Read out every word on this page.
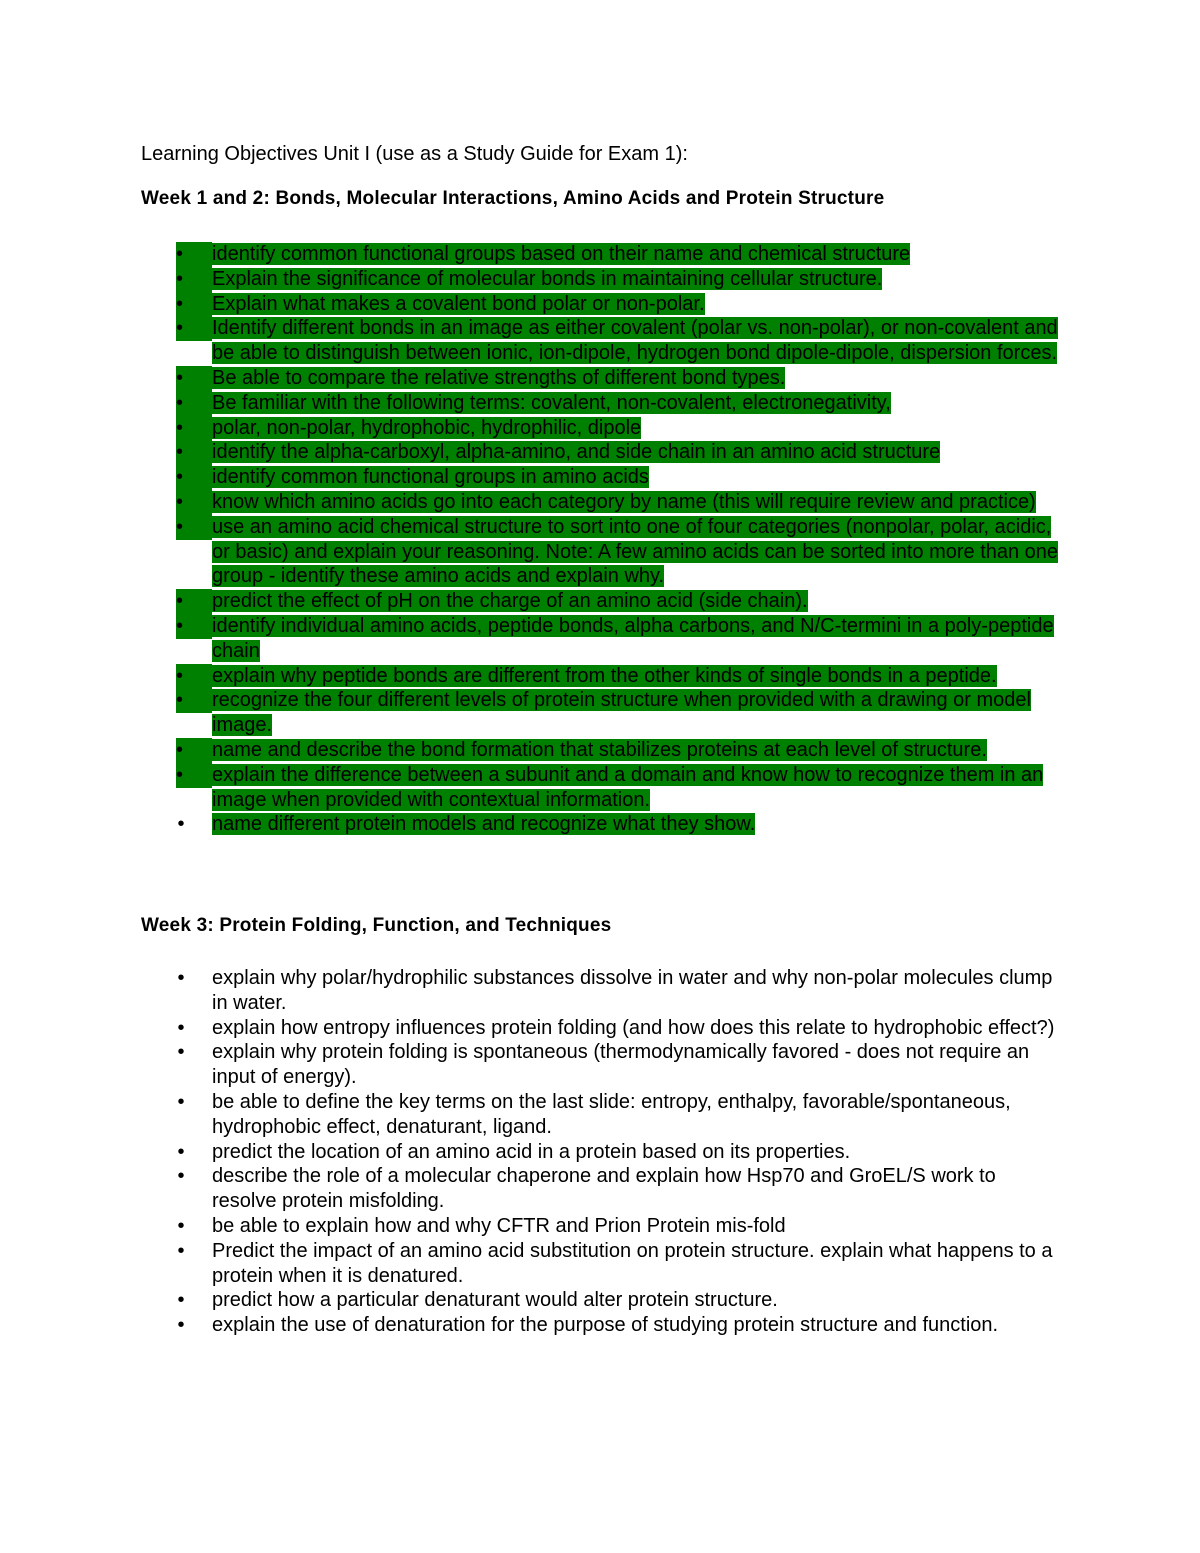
Learning Objectives Unit I (use as a Study Guide for Exam 1):
Week 1 and 2: Bonds, Molecular Interactions, Amino Acids and Protein Structure
•	identify common functional groups based on their name and chemical structure
•	Explain the significance of molecular bonds in maintaining cellular structure.
•	Explain what makes a covalent bond polar or non-polar.
•	Identify different bonds in an image as either covalent (polar vs. non-polar), or non-covalent and be able to distinguish between ionic, ion-dipole, hydrogen bond dipole-dipole, dispersion forces.
•	Be able to compare the relative strengths of different bond types.
•	Be familiar with the following terms: covalent, non-covalent, electronegativity,
•	polar, non-polar, hydrophobic, hydrophilic, dipole
•	identify the alpha-carboxyl, alpha-amino, and side chain in an amino acid structure
•	identify common functional groups in amino acids
•	know which amino acids go into each category by name (this will require review and practice)
•	use an amino acid chemical structure to sort into one of four categories (nonpolar, polar, acidic, or basic) and explain your reasoning. Note: A few amino acids can be sorted into more than one group - identify these amino acids and explain why.
•	predict the effect of pH on the charge of an amino acid (side chain).
•	identify individual amino acids, peptide bonds, alpha carbons, and N/C-termini in a poly-peptide chain
•	explain why peptide bonds are different from the other kinds of single bonds in a peptide.
•	recognize the four different levels of protein structure when provided with a drawing or model image.
•	name and describe the bond formation that stabilizes proteins at each level of structure.
•	explain the difference between a subunit and a domain and know how to recognize them in an image when provided with contextual information.
• name different protein models and recognize what they show.
Week 3: Protein Folding, Function, and Techniques
• explain why polar/hydrophilic substances dissolve in water and why non-polar molecules clump in water.
• explain how entropy influences protein folding (and how does this relate to hydrophobic effect?)
• explain why protein folding is spontaneous (thermodynamically favored - does not require an input of energy).
• be able to define the key terms on the last slide: entropy, enthalpy, favorable/spontaneous, hydrophobic effect, denaturant, ligand.
• predict the location of an amino acid in a protein based on its properties.
• describe the role of a molecular chaperone and explain how Hsp70 and GroEL/S work to resolve protein misfolding.
• be able to explain how and why CFTR and Prion Protein mis-fold
• Predict the impact of an amino acid substitution on protein structure. explain what happens to a protein when it is denatured.
• predict how a particular denaturant would alter protein structure.
• explain the use of denaturation for the purpose of studying protein structure and function.
